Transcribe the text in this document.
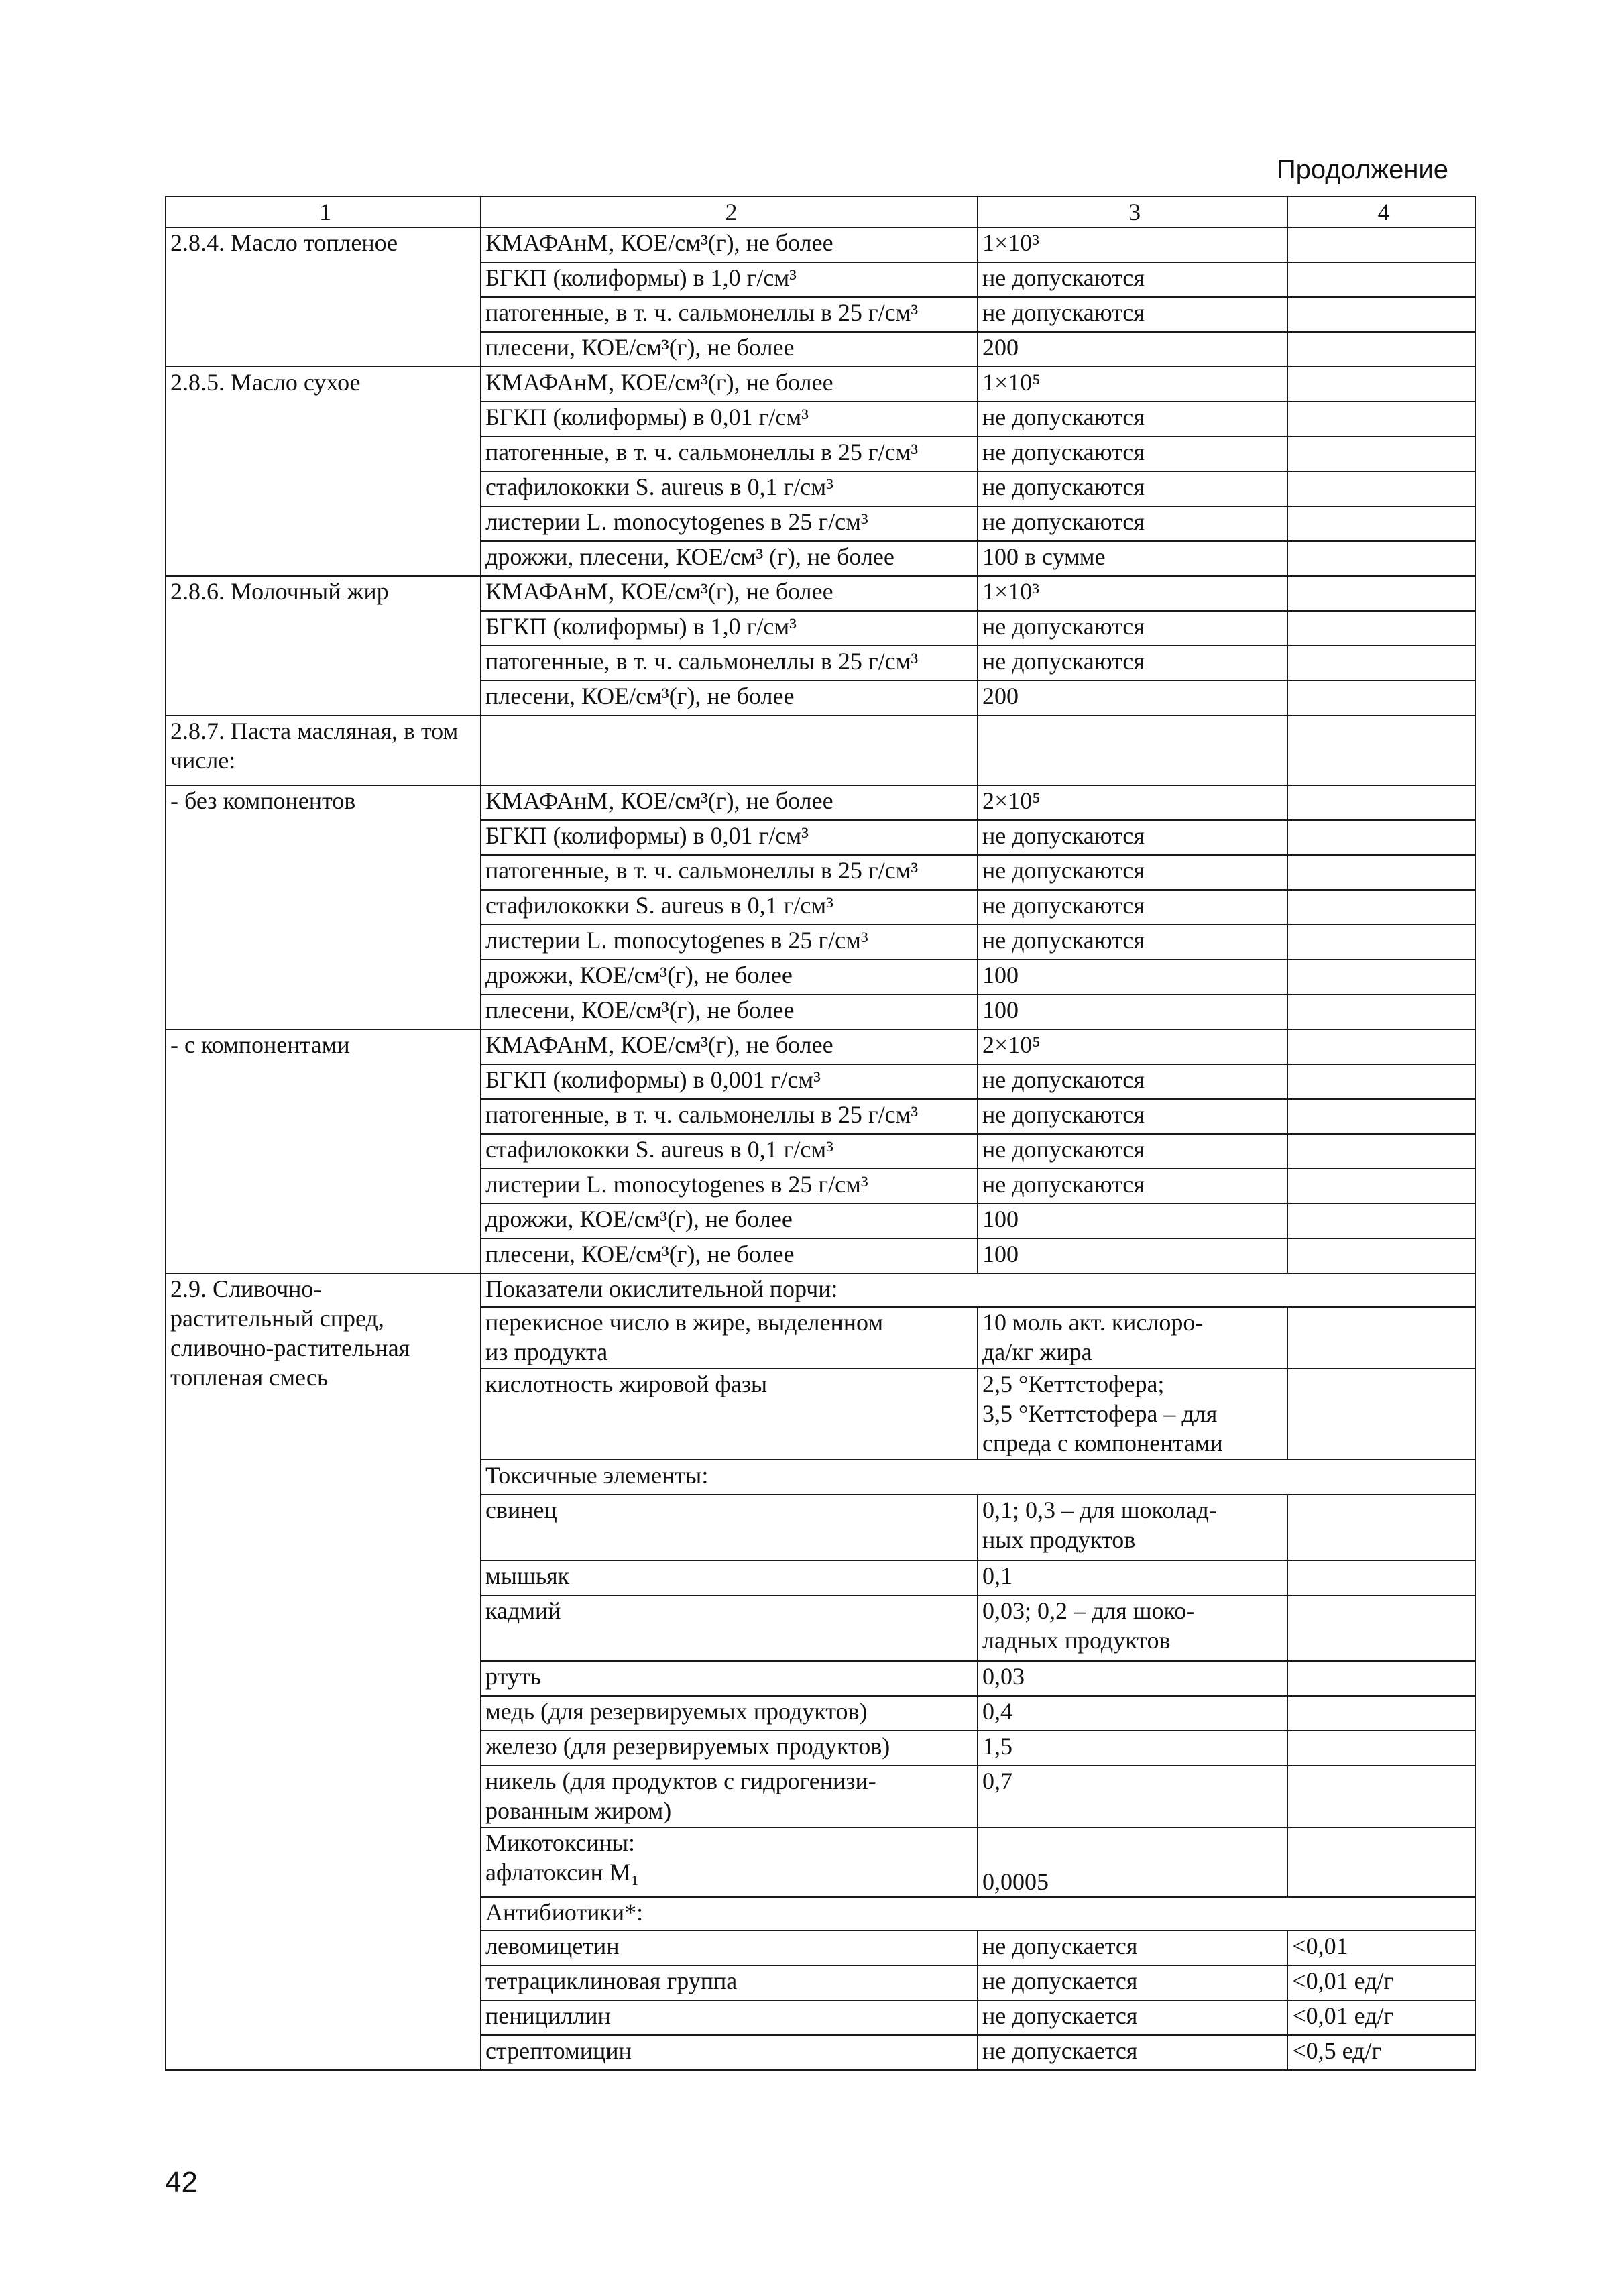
Продолжение
1	2	3	4

2.8.4. Масло топленое	КМАФАнМ, КОЕ/см³(г), не более	1×10³	

	БГКП (колиформы) в 1,0 г/см³	не допускаются	

	патогенные, в т. ч. сальмонеллы в 25 г/см³	не допускаются	

	плесени, КОЕ/см³(г), не более	200	

2.8.5. Масло сухое	КМАФАнМ, КОЕ/см³(г), не более	1×10⁵	

	БГКП (колиформы) в 0,01 г/см³	не допускаются	

	патогенные, в т. ч. сальмонеллы в 25 г/см³	не допускаются	

	стафилококки S. aureus в 0,1 г/см³	не допускаются	

	листерии L. monocytogenes в 25 г/см³	не допускаются	

	дрожжи, плесени, КОЕ/см³ (г), не более	100 в сумме	

2.8.6. Молочный жир	КМАФАнМ, КОЕ/см³(г), не более	1×10³	

	БГКП (колиформы) в 1,0 г/см³	не допускаются	

	патогенные, в т. ч. сальмонеллы в 25 г/см³	не допускаются	

	плесени, КОЕ/см³(г), не более	200	

2.8.7. Паста масляная, в том числе:			

- без компонентов	КМАФАнМ, КОЕ/см³(г), не более	2×10⁵	

	БГКП (колиформы) в 0,01 г/см³	не допускаются	

	патогенные, в т. ч. сальмонеллы в 25 г/см³	не допускаются	

	стафилококки S. aureus в 0,1 г/см³	не допускаются	

	листерии L. monocytogenes в 25 г/см³	не допускаются	

	дрожжи, КОЕ/см³(г), не более	100	

	плесени, КОЕ/см³(г), не более	100	

- с компонентами	КМАФАнМ, КОЕ/см³(г), не более	2×10⁵	

	БГКП (колиформы) в 0,001 г/см³	не допускаются	

	патогенные, в т. ч. сальмонеллы в 25 г/см³	не допускаются	

	стафилококки S. aureus в 0,1 г/см³	не допускаются	

	листерии L. monocytogenes в 25 г/см³	не допускаются	

	дрожжи, КОЕ/см³(г), не более	100	

	плесени, КОЕ/см³(г), не более	100	

2.9. Сливочно-
растительный спред,
сливочно-растительная
топленая смесь	Показатели окислительной порчи:		

	перекисное число в жире, выделенном
из продукта	10 моль акт. кислоро-
да/кг жира	

	кислотность жировой фазы	2,5 °Кеттстофера;
3,5 °Кеттстофера – для
спреда с компонентами	

	Токсичные элементы:		

	свинец	0,1; 0,3 – для шоколад-
ных продуктов	

	мышьяк	0,1	

	кадмий	0,03; 0,2 – для шоко-
ладных продуктов	

	ртуть	0,03	

	медь (для резервируемых продуктов)	0,4	

	железо (для резервируемых продуктов)	1,5	

	никель (для продуктов с гидрогенизи-
рованным жиром)	0,7	

	Микотоксины:
афлатоксин M₁	0,0005	

	Антибиотики*:		

	левомицетин	не допускается	<0,01

	тетрациклиновая группа	не допускается	<0,01 ед/г

	пенициллин	не допускается	<0,01 ед/г

	стрептомицин	не допускается	<0,5 ед/г
42
